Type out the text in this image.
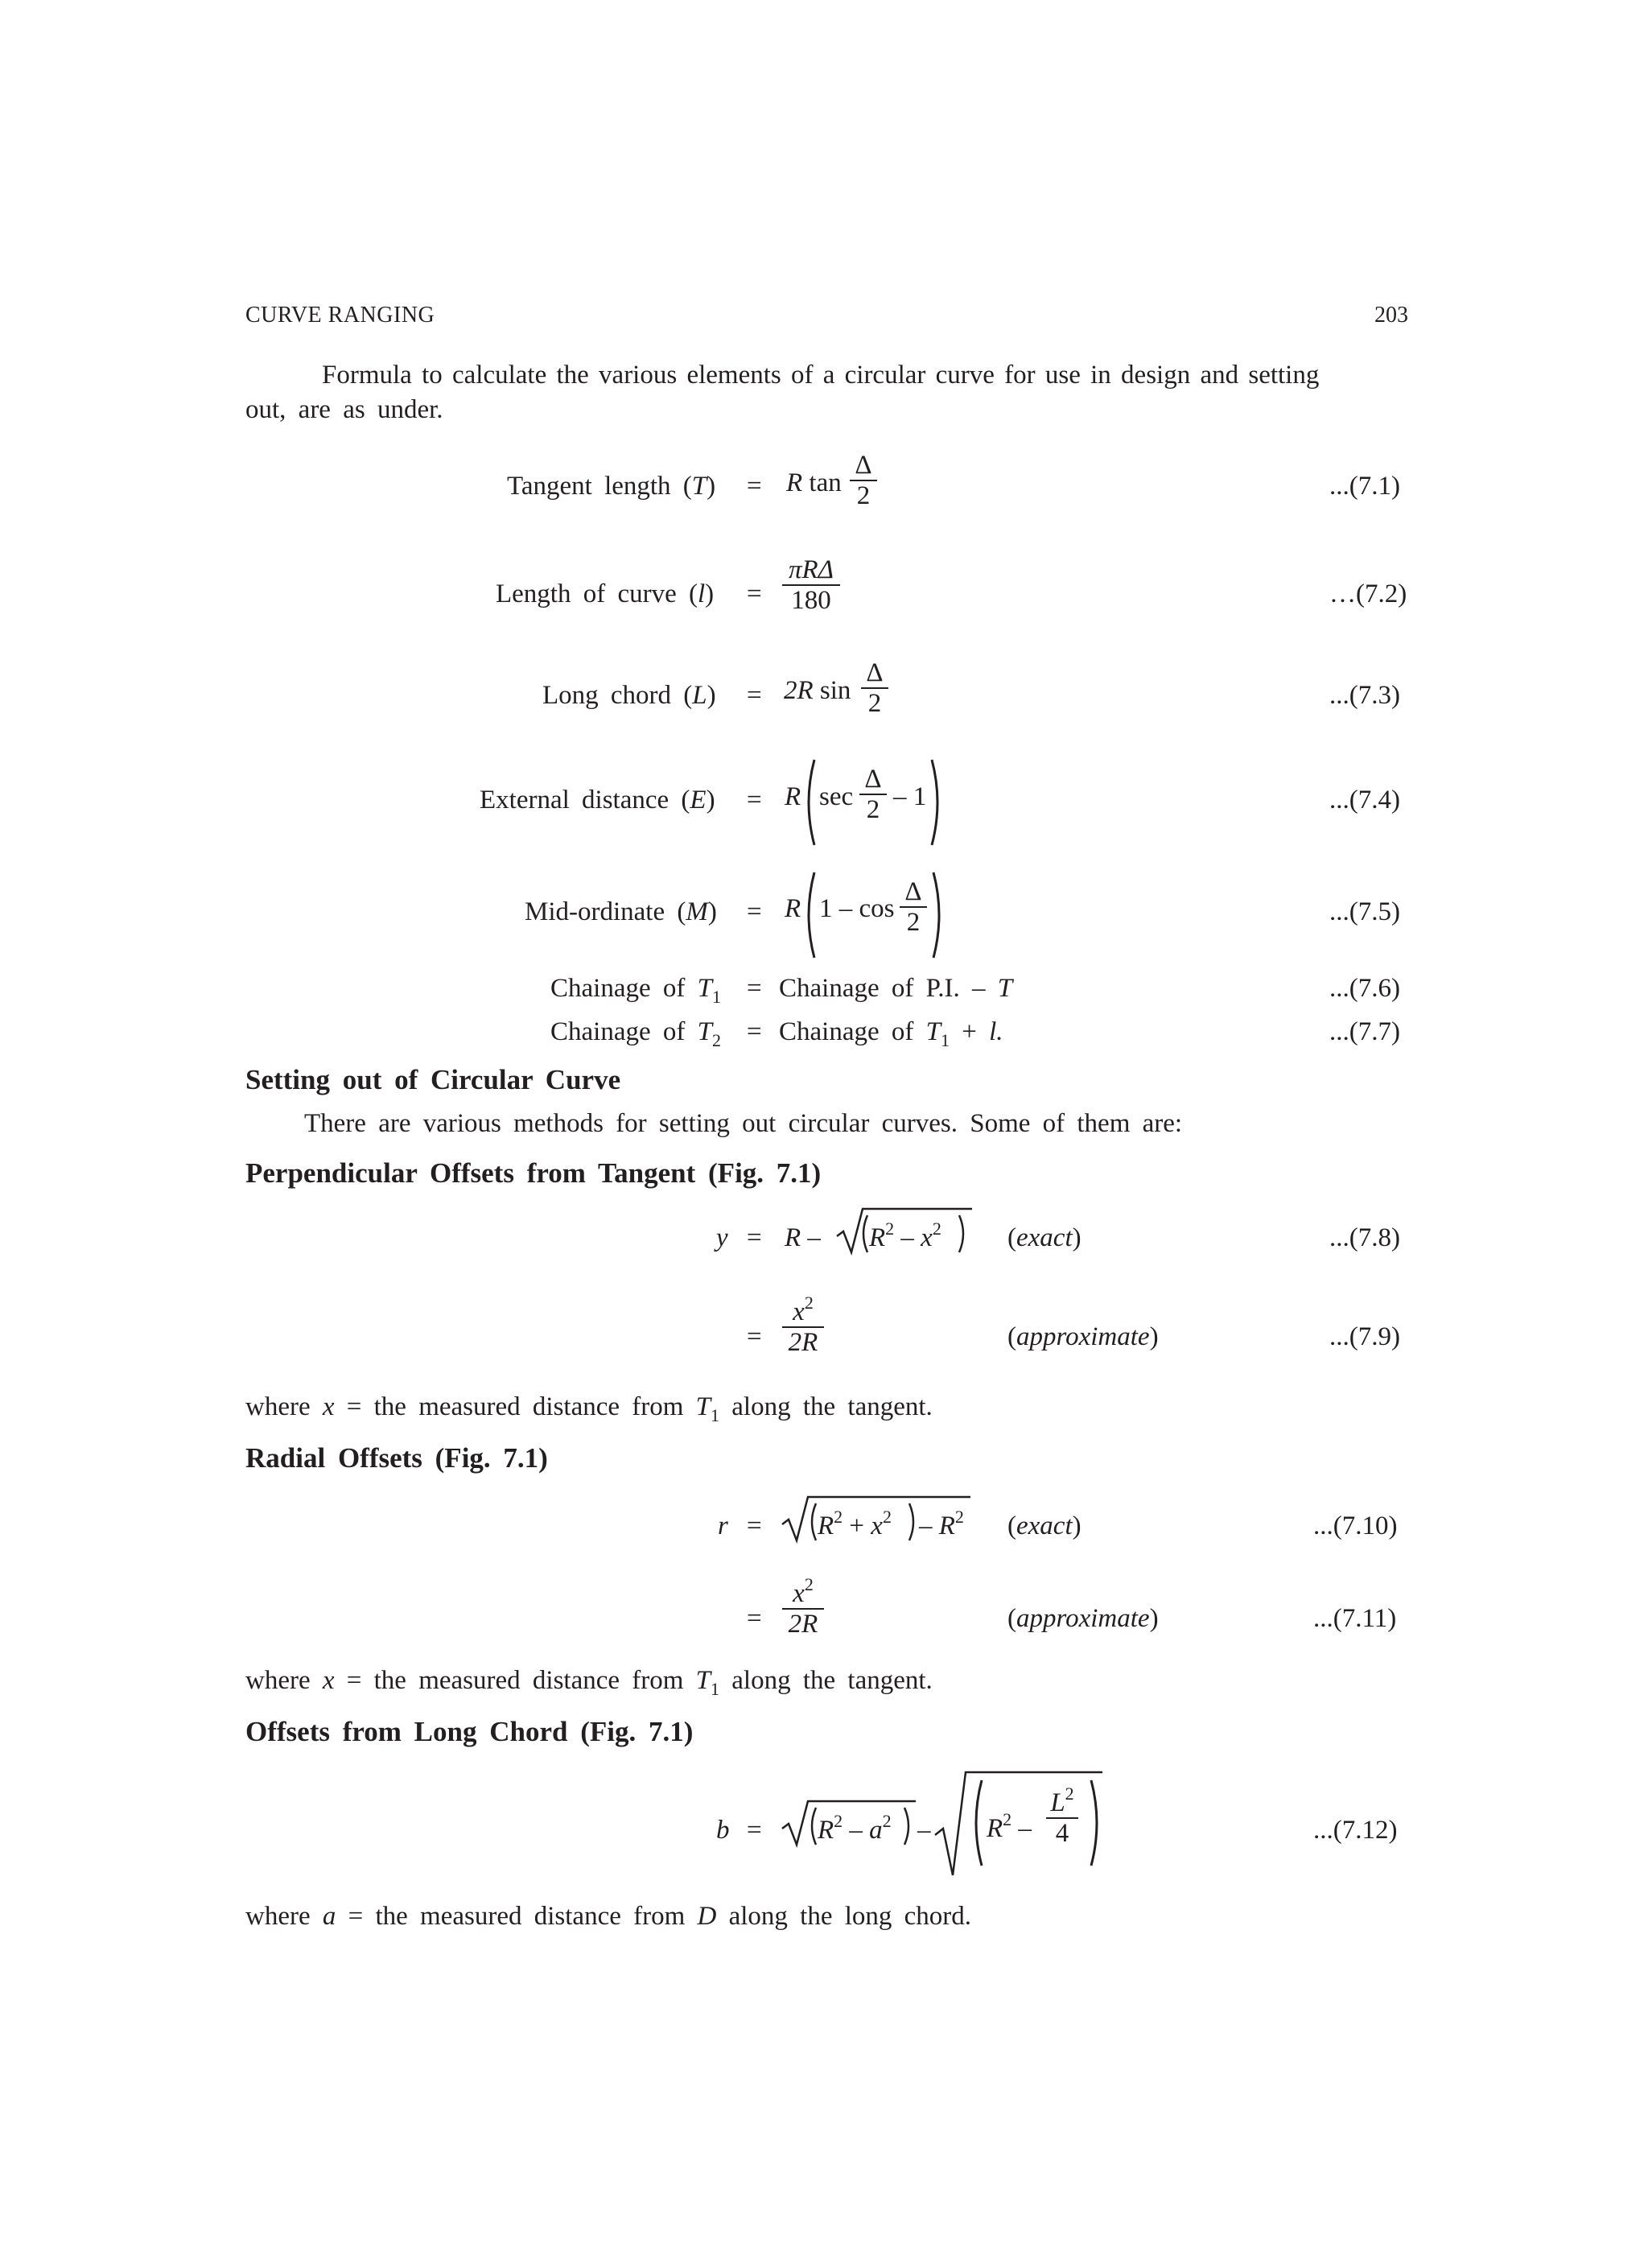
CURVE RANGING	203
Formula to calculate the various elements of a circular curve for use in design and setting
out, are as under.
Tangent length (T) = R tan
Δ
2	...(7.1)
Length of curve (l) =
πRΔ
180	…(7.2)
Long chord (L) = 2R sin
Δ
2	...(7.3)
External distance (E) = R sec
Δ
2 – 1	...(7.4)
Mid-ordinate (M) = R 1 – cos
Δ
2	...(7.5)
Chainage of $T_1$ = Chainage of P.I. – T	...(7.6)
Chainage of $T_2$ = Chainage of $T_1 + l$.	...(7.7)
Setting out of Circular Curve
There are various methods for setting out circular curves. Some of them are:
Perpendicular Offsets from Tangent (Fig. 7.1)
$y = R - R^2 - x^2$ (exact)	...(7.8)
=
$x^2$
2R	(approximate)	...(7.9)
where x = the measured distance from $T_1$ along the tangent.
Radial Offsets (Fig. 7.1)
$r = R^2 + x^2 - R^2$ (exact)	...(7.10)
=
$x^2$
2R	(approximate)	...(7.11)
where x = the measured distance from $T_1$ along the tangent.
Offsets from Long Chord (Fig. 7.1)
$b = R^2 - a^2 - R^2$ –
$L^2$
4	...(7.12)
where a = the measured distance from D along the long chord.
